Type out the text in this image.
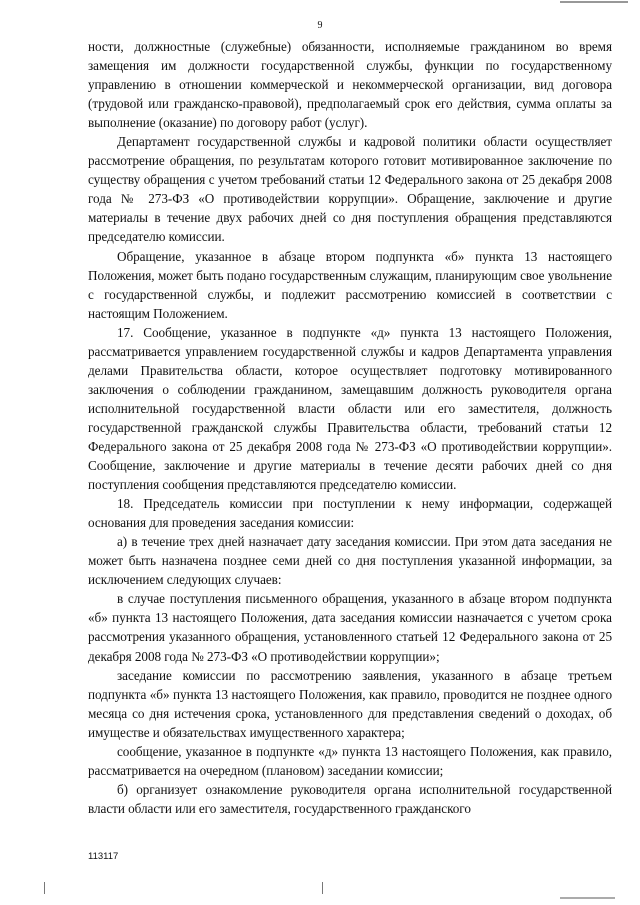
9

ности, должностные (служебные) обязанности, исполняемые гражданином во время замещения им должности государственной службы, функции по государственному управлению в отношении коммерческой и некоммерческой организации, вид договора (трудовой или гражданско-правовой), предполагаемый срок его действия, сумма оплаты за выполнение (оказание) по договору работ (услуг).

Департамент государственной службы и кадровой политики области осуществляет рассмотрение обращения, по результатам которого готовит мотивированное заключение по существу обращения с учетом требований статьи 12 Федерального закона от 25 декабря 2008 года № 273-ФЗ «О противодействии коррупции». Обращение, заключение и другие материалы в течение двух рабочих дней со дня поступления обращения представляются председателю комиссии.

Обращение, указанное в абзаце втором подпункта «б» пункта 13 настоящего Положения, может быть подано государственным служащим, планирующим свое увольнение с государственной службы, и подлежит рассмотрению комиссией в соответствии с настоящим Положением.

17. Сообщение, указанное в подпункте «д» пункта 13 настоящего Положения, рассматривается управлением государственной службы и кадров Департамента управления делами Правительства области, которое осуществляет подготовку мотивированного заключения о соблюдении гражданином, замещавшим должность руководителя органа исполнительной государственной власти области или его заместителя, должность государственной гражданской службы Правительства области, требований статьи 12 Федерального закона от 25 декабря 2008 года № 273-ФЗ «О противодействии коррупции». Сообщение, заключение и другие материалы в течение десяти рабочих дней со дня поступления сообщения представляются председателю комиссии.

18. Председатель комиссии при поступлении к нему информации, содержащей основания для проведения заседания комиссии:

а) в течение трех дней назначает дату заседания комиссии. При этом дата заседания не может быть назначена позднее семи дней со дня поступления указанной информации, за исключением следующих случаев:

в случае поступления письменного обращения, указанного в абзаце втором подпункта «б» пункта 13 настоящего Положения, дата заседания комиссии назначается с учетом срока рассмотрения указанного обращения, установленного статьей 12 Федерального закона от 25 декабря 2008 года № 273-ФЗ «О противодействии коррупции»;

заседание комиссии по рассмотрению заявления, указанного в абзаце третьем подпункта «б» пункта 13 настоящего Положения, как правило, проводится не позднее одного месяца со дня истечения срока, установленного для представления сведений о доходах, об имуществе и обязательствах имущественного характера;

сообщение, указанное в подпункте «д» пункта 13 настоящего Положения, как правило, рассматривается на очередном (плановом) заседании комиссии;

б) организует ознакомление руководителя органа исполнительной государственной власти области или его заместителя, государственного гражданского

113117
